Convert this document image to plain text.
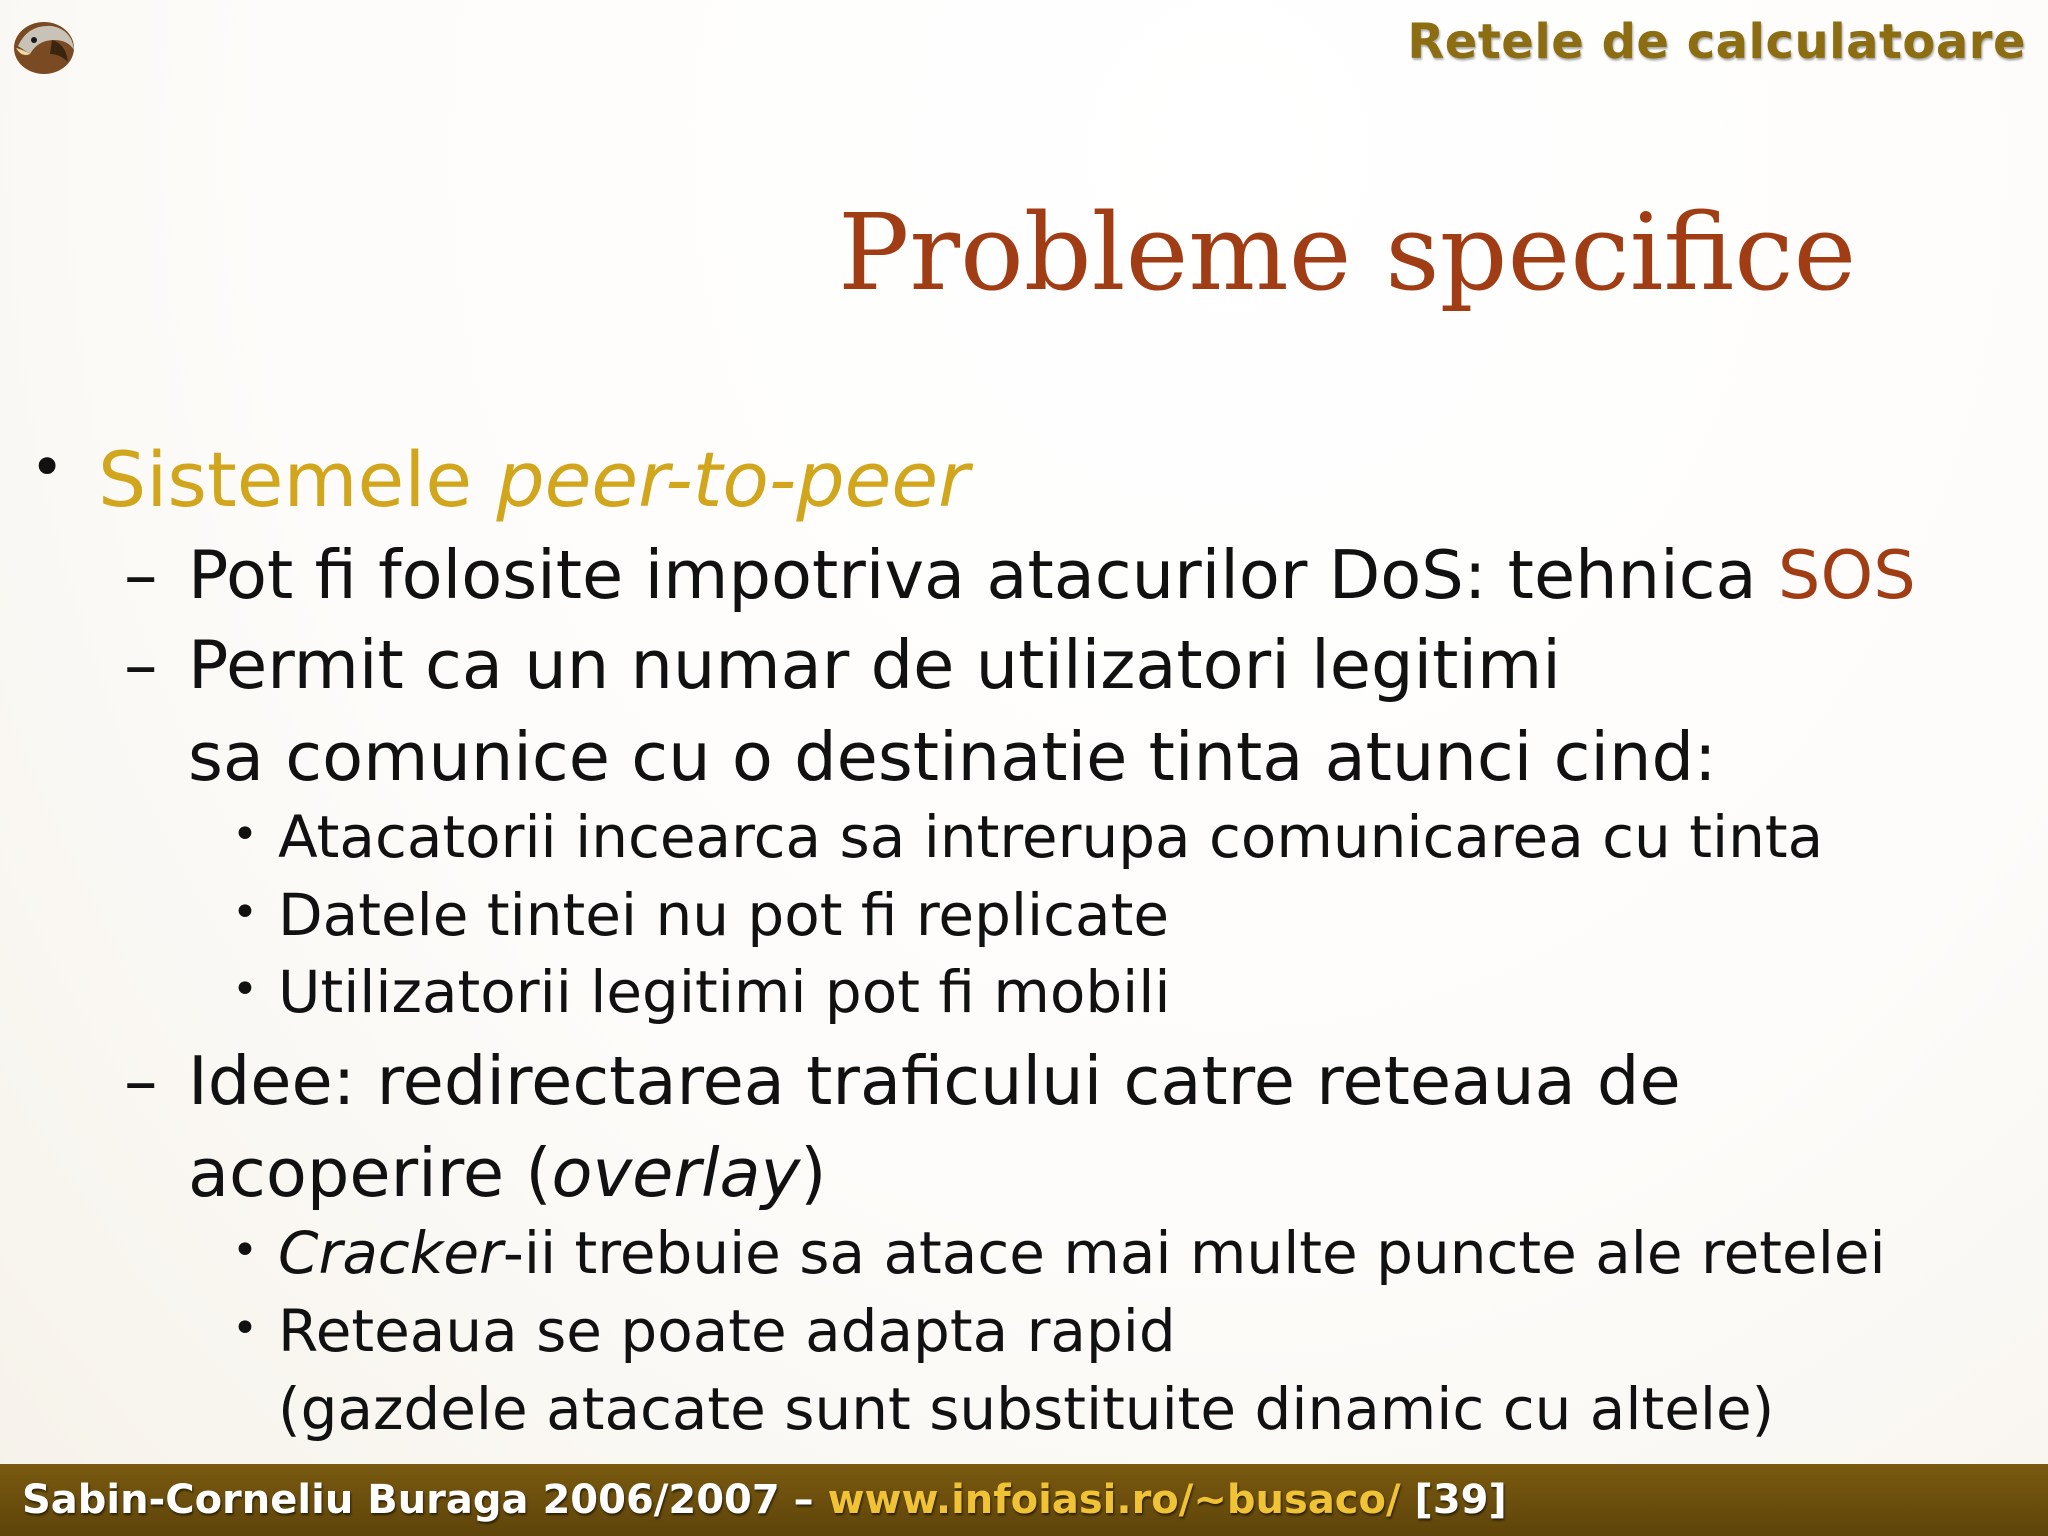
Retele de calculatoare
Probleme specifice
• Sistemele peer-to-peer
– Pot fi folosite impotriva atacurilor DoS: tehnica SOS
– Permit ca un numar de utilizatori legitimi
sa comunice cu o destinatie tinta atunci cind:
• Atacatorii incearca sa intrerupa comunicarea cu tinta
• Datele tintei nu pot fi replicate
• Utilizatorii legitimi pot fi mobili
– Idee: redirectarea traficului catre reteaua de
acoperire (overlay)
• Cracker-ii trebuie sa atace mai multe puncte ale retelei
• Reteaua se poate adapta rapid
(gazdele atacate sunt substituite dinamic cu altele)
Sabin-Corneliu Buraga 2006/2007 – www.infoiasi.ro/~busaco/ [39]
